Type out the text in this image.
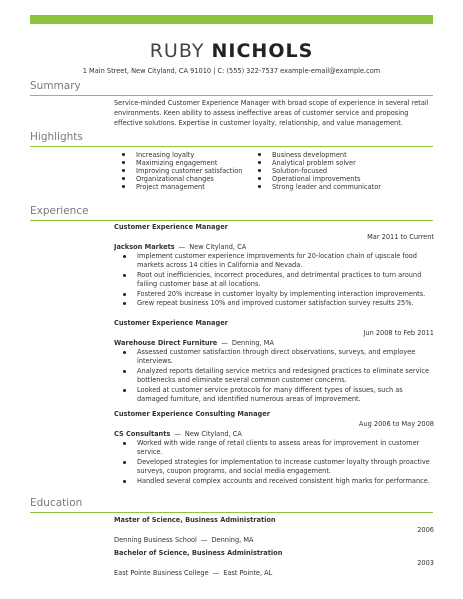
RUBY NICHOLS
1 Main Street, New Cityland, CA 91010 | C: (555) 322-7537 example-email@example.com
Summary
Service-minded Customer Experience Manager with broad scope of experience in several retail environments. Keen ability to assess ineffective areas of customer service and proposing effective solutions. Expertise in customer loyalty, relationship, and value management.
Highlights
Increasing loyalty
Maximizing engagement
Improving customer satisfaction
Organizational changes
Project management
Business development
Analytical problem solver
Solution-focused
Operational improvements
Strong leader and communicator
Experience
Customer Experience Manager
Mar 2011 to Current
Jackson Markets — New Cityland, CA
Implement customer experience improvements for 20-location chain of upscale food markets across 14 cities in California and Nevada.
Root out inefficiencies, incorrect procedures, and detrimental practices to turn around failing customer base at all locations.
Fostered 20% increase in customer loyalty by implementing interaction improvements.
Grew repeat business 10% and improved customer satisfaction survey results 25%.
Customer Experience Manager
Jun 2008 to Feb 2011
Warehouse Direct Furniture — Denning, MA
Assessed customer satisfaction through direct observations, surveys, and employee interviews.
Analyzed reports detailing service metrics and redesigned practices to eliminate service bottlenecks and eliminate several common customer concerns.
Looked at customer service protocols for many different types of issues, such as damaged furniture, and identified numerous areas of improvement.
Customer Experience Consulting Manager
Aug 2006 to May 2008
CS Consultants — New Cityland, CA
Worked with wide range of retail clients to assess areas for improvement in customer service.
Developed strategies for implementation to increase customer loyalty through proactive surveys, coupon programs, and social media engagement.
Handled several complex accounts and received consistent high marks for performance.
Education
Master of Science, Business Administration
2006
Denning Business School — Denning, MA
Bachelor of Science, Business Administration
2003
East Pointe Business College — East Pointe, AL
